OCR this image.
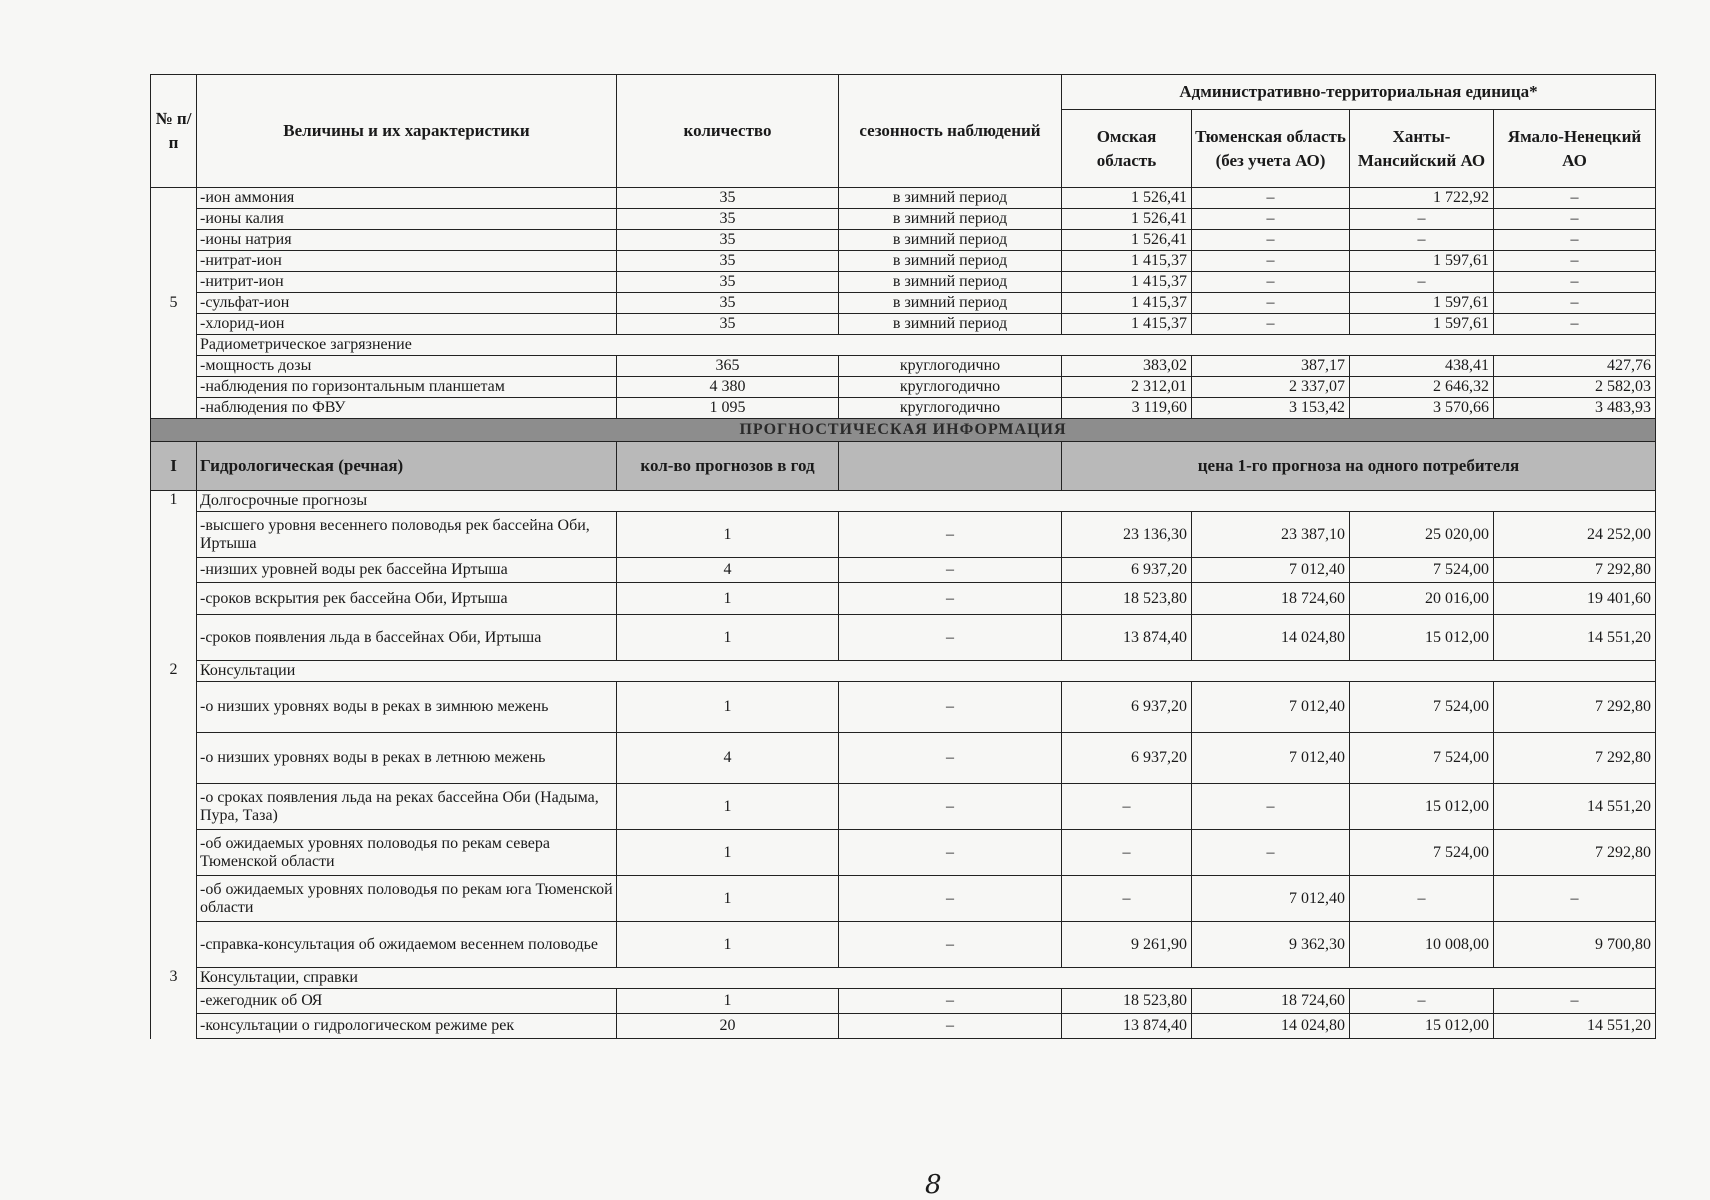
№ п/п	Величины и их характеристики	количество	сезонность наблюдений	Административно-территориальная единица*			
				Омская область	Тюменская область (без учета АО)	Ханты-Мансийский АО	Ямало-Ненецкий АО
5	-ион аммония	35	в зимний период	1 526,41	–	1 722,92	–
	-ионы калия	35	в зимний период	1 526,41	–	–	–
	-ионы натрия	35	в зимний период	1 526,41	–	–	–
	-нитрат-ион	35	в зимний период	1 415,37	–	1 597,61	–
	-нитрит-ион	35	в зимний период	1 415,37	–	–	–
	-сульфат-ион	35	в зимний период	1 415,37	–	1 597,61	–
	-хлорид-ион	35	в зимний период	1 415,37	–	1 597,61	–
	Радиометрическое загрязнение						
	-мощность дозы	365	круглогодично	383,02	387,17	438,41	427,76
	-наблюдения по горизонтальным планшетам	4 380	круглогодично	2 312,01	2 337,07	2 646,32	2 582,03
	-наблюдения по ФВУ	1 095	круглогодично	3 119,60	3 153,42	3 570,66	3 483,93
ПРОГНОСТИЧЕСКАЯ ИНФОРМАЦИЯ							
I	Гидрологическая (речная)	кол-во прогнозов в год		цена 1-го прогноза на одного потребителя			
1	Долгосрочные прогнозы						
	-высшего уровня весеннего половодья рек бассейна Оби, Иртыша	1	–	23 136,30	23 387,10	25 020,00	24 252,00
	-низших уровней воды рек бассейна Иртыша	4	–	6 937,20	7 012,40	7 524,00	7 292,80
	-сроков вскрытия рек бассейна Оби, Иртыша	1	–	18 523,80	18 724,60	20 016,00	19 401,60
	-сроков появления льда в бассейнах Оби, Иртыша	1	–	13 874,40	14 024,80	15 012,00	14 551,20
2	Консультации						
	-о низших уровнях воды в реках в зимнюю межень	1	–	6 937,20	7 012,40	7 524,00	7 292,80
	-о низших уровнях воды в реках в летнюю межень	4	–	6 937,20	7 012,40	7 524,00	7 292,80
	-о сроках появления льда на реках бассейна Оби (Надыма, Пура, Таза)	1	–	–	–	15 012,00	14 551,20
	-об ожидаемых уровнях половодья по рекам севера Тюменской области	1	–	–	–	7 524,00	7 292,80
	-об ожидаемых уровнях половодья по рекам юга Тюменской области	1	–	–	7 012,40	–	–
	-справка-консультация об ожидаемом весеннем половодье	1	–	9 261,90	9 362,30	10 008,00	9 700,80
3	Консультации, справки						
	-ежегодник об ОЯ	1	–	18 523,80	18 724,60	–	–
	-консультации о гидрологическом режиме рек	20	–	13 874,40	14 024,80	15 012,00	14 551,20
8
